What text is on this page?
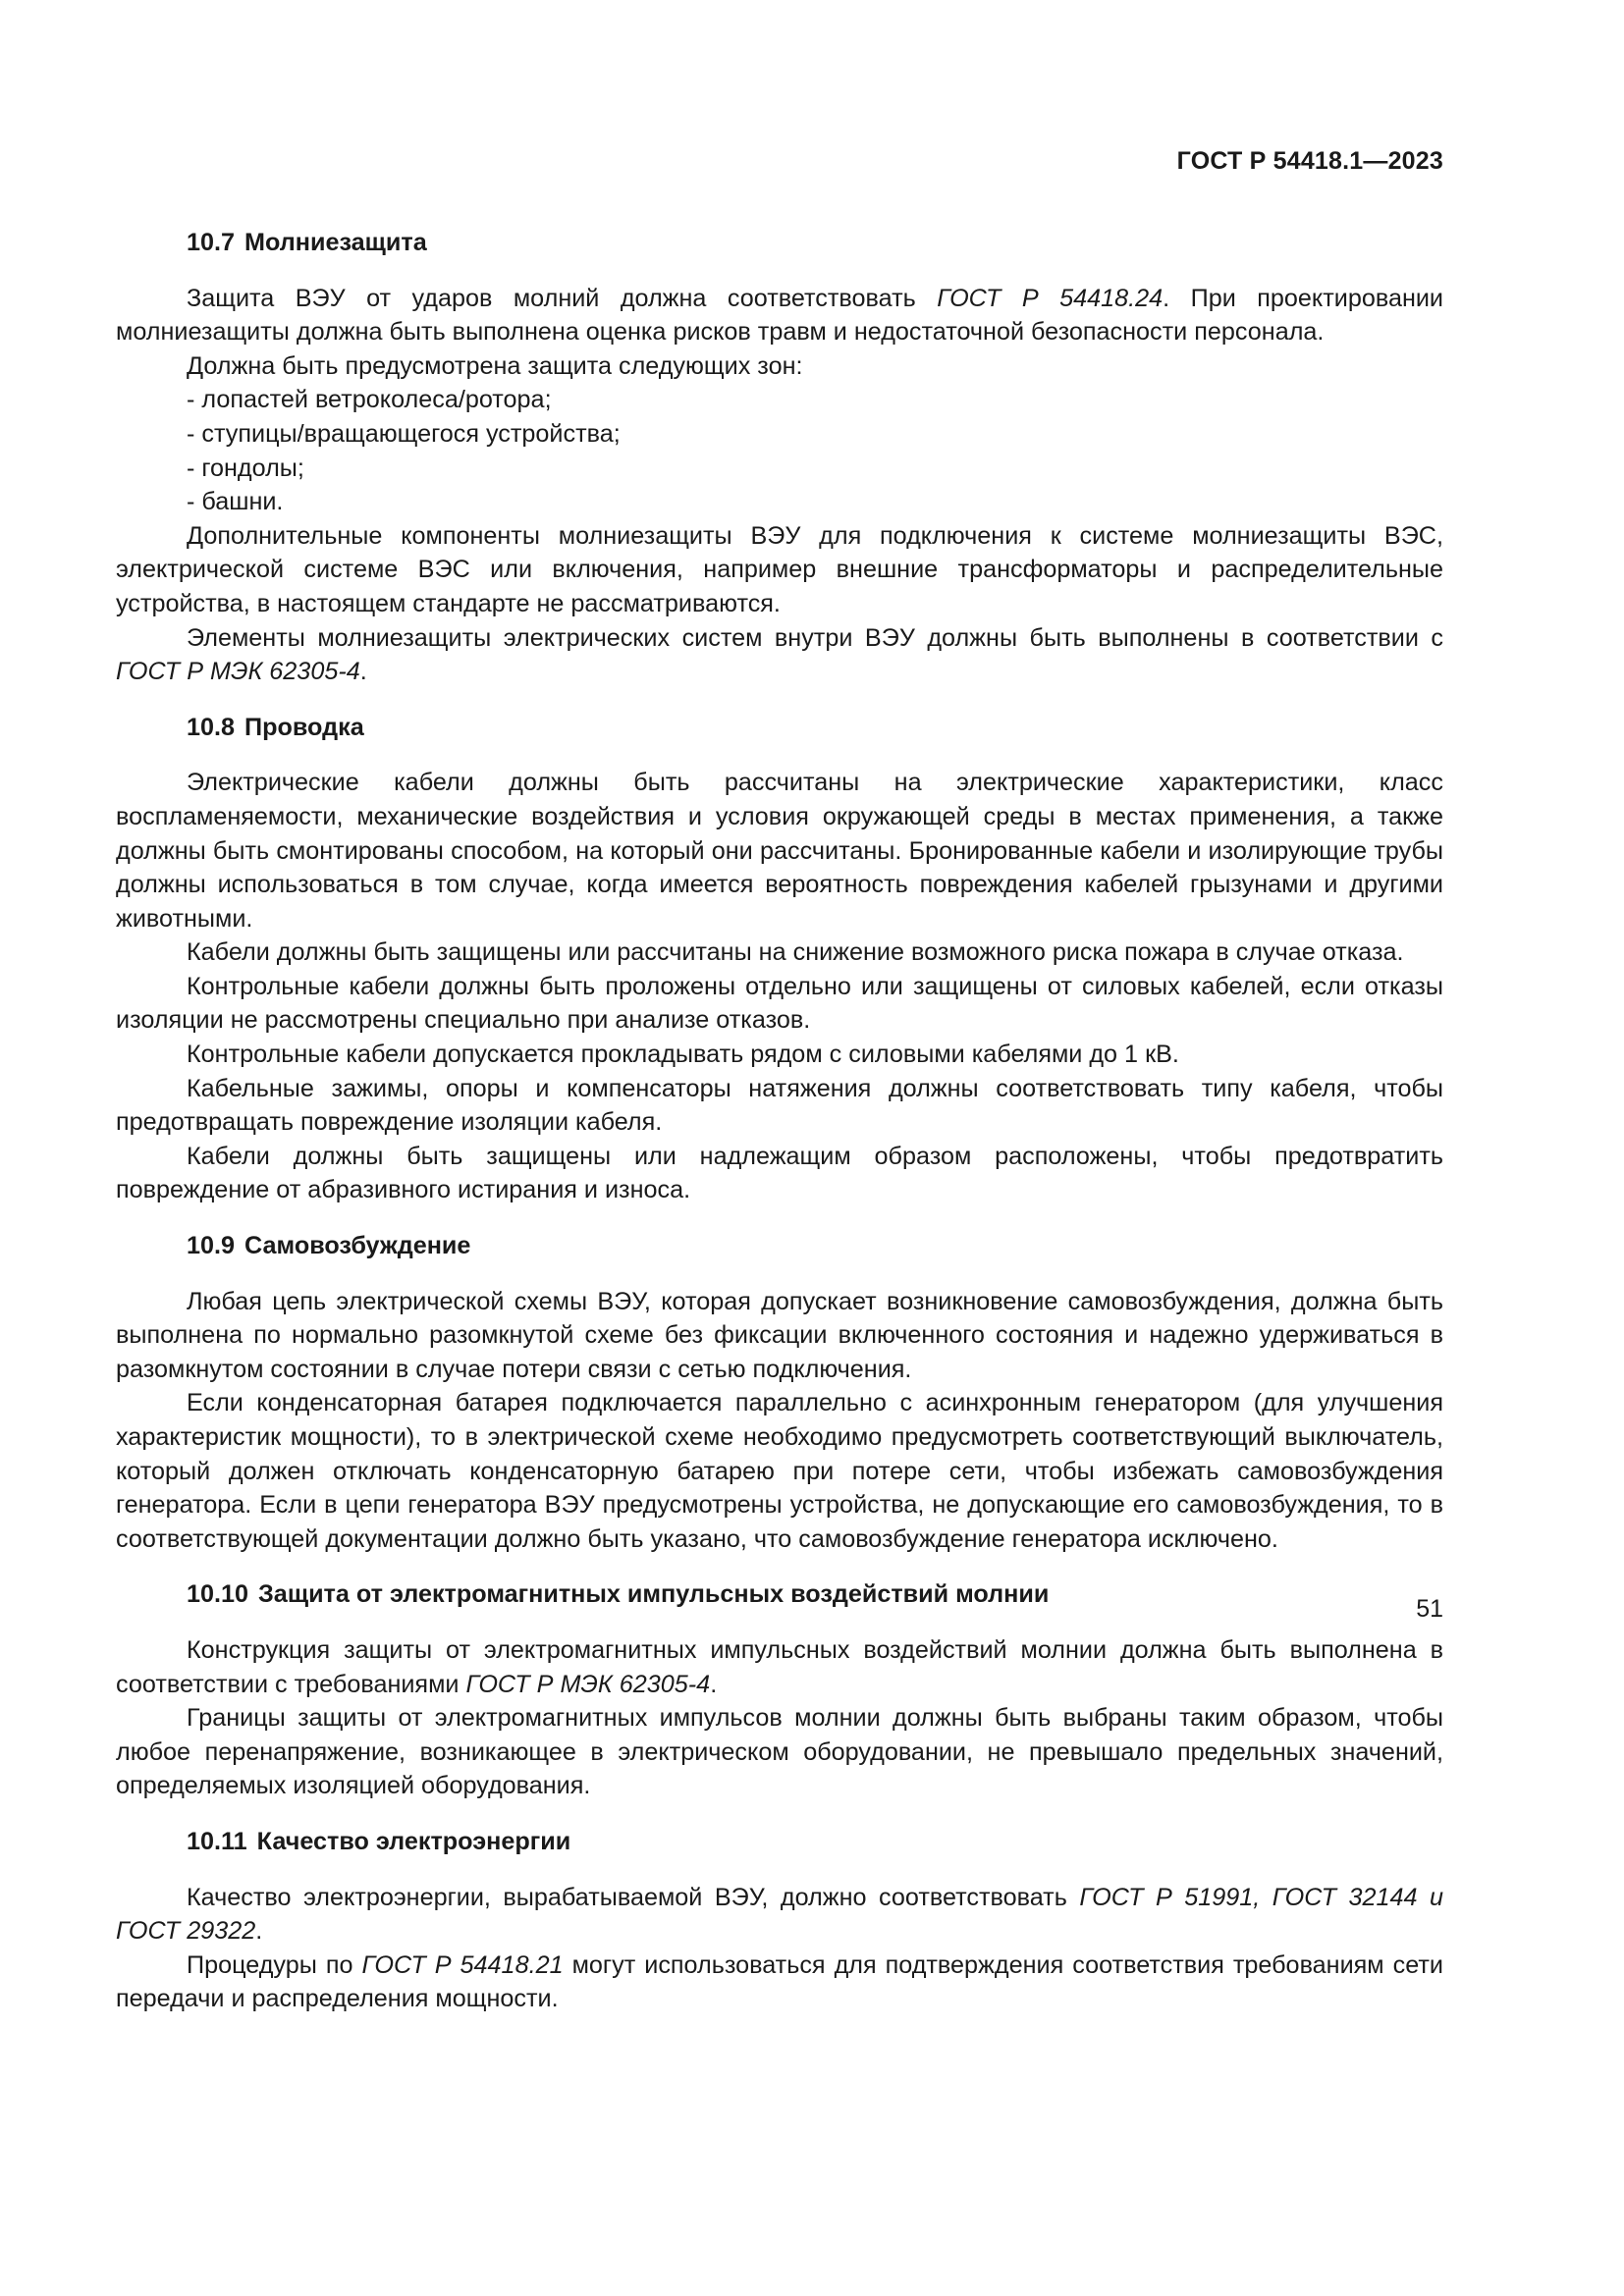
ГОСТ Р 54418.1—2023
10.7 Молниезащита

Защита ВЭУ от ударов молний должна соответствовать ГОСТ Р 54418.24. При проектировании молниезащиты должна быть выполнена оценка рисков травм и недостаточной безопасности персонала.

Должна быть предусмотрена защита следующих зон:

- лопастей ветроколеса/ротора;

- ступицы/вращающегося устройства;

- гондолы;

- башни.

Дополнительные компоненты молниезащиты ВЭУ для подключения к системе молниезащиты ВЭС, электрической системе ВЭС или включения, например внешние трансформаторы и распределительные устройства, в настоящем стандарте не рассматриваются.

Элементы молниезащиты электрических систем внутри ВЭУ должны быть выполнены в соответствии с ГОСТ Р МЭК 62305-4.

10.8 Проводка

Электрические кабели должны быть рассчитаны на электрические характеристики, класс воспламеняемости, механические воздействия и условия окружающей среды в местах применения, а также должны быть смонтированы способом, на который они рассчитаны. Бронированные кабели и изолирующие трубы должны использоваться в том случае, когда имеется вероятность повреждения кабелей грызунами и другими животными.

Кабели должны быть защищены или рассчитаны на снижение возможного риска пожара в случае отказа.

Контрольные кабели должны быть проложены отдельно или защищены от силовых кабелей, если отказы изоляции не рассмотрены специально при анализе отказов.

Контрольные кабели допускается прокладывать рядом с силовыми кабелями до 1 кВ.

Кабельные зажимы, опоры и компенсаторы натяжения должны соответствовать типу кабеля, чтобы предотвращать повреждение изоляции кабеля.

Кабели должны быть защищены или надлежащим образом расположены, чтобы предотвратить повреждение от абразивного истирания и износа.

10.9 Самовозбуждение

Любая цепь электрической схемы ВЭУ, которая допускает возникновение самовозбуждения, должна быть выполнена по нормально разомкнутой схеме без фиксации включенного состояния и надежно удерживаться в разомкнутом состоянии в случае потери связи с сетью подключения.

Если конденсаторная батарея подключается параллельно с асинхронным генератором (для улучшения характеристик мощности), то в электрической схеме необходимо предусмотреть соответствующий выключатель, который должен отключать конденсаторную батарею при потере сети, чтобы избежать самовозбуждения генератора. Если в цепи генератора ВЭУ предусмотрены устройства, не допускающие его самовозбуждения, то в соответствующей документации должно быть указано, что самовозбуждение генератора исключено.

10.10 Защита от электромагнитных импульсных воздействий молнии

Конструкция защиты от электромагнитных импульсных воздействий молнии должна быть выполнена в соответствии с требованиями ГОСТ Р МЭК 62305-4.

Границы защиты от электромагнитных импульсов молнии должны быть выбраны таким образом, чтобы любое перенапряжение, возникающее в электрическом оборудовании, не превышало предельных значений, определяемых изоляцией оборудования.

10.11 Качество электроэнергии

Качество электроэнергии, вырабатываемой ВЭУ, должно соответствовать ГОСТ Р 51991, ГОСТ 32144 и ГОСТ 29322.

Процедуры по ГОСТ Р 54418.21 могут использоваться для подтверждения соответствия требованиям сети передачи и распределения мощности.

51
